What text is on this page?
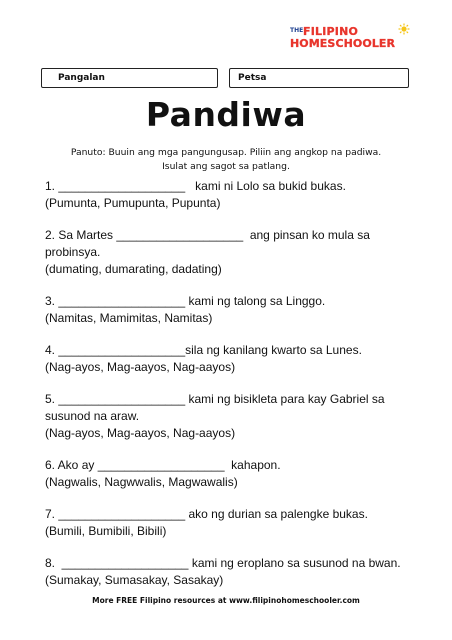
THE FILIPINO
HOMESCHOOLER
Pangalan	Petsa
Pandiwa
Panuto: Buuin ang mga pangungusap. Piliin ang angkop na padiwa.
Isulat ang sagot sa patlang.

1. ___________________   kami ni Lolo sa bukid bukas.

(Pumunta, Pumupunta, Pupunta)

2. Sa Martes ___________________  ang pinsan ko mula sa probinsya.

(dumating, dumarating, dadating)

3. ___________________ kami ng talong sa Linggo.

(Namitas, Mamimitas, Namitas)

4. ___________________sila ng kanilang kwarto sa Lunes.

(Nag-ayos, Mag-aayos, Nag-aayos)

5. ___________________ kami ng bisikleta para kay Gabriel sa susunod na araw.

(Nag-ayos, Mag-aayos, Nag-aayos)

6. Ako ay ___________________  kahapon.

(Nagwalis, Nagwwalis, Magwawalis)

7. ___________________ ako ng durian sa palengke bukas.

(Bumili, Bumibili, Bibili)

8.  ___________________ kami ng eroplano sa susunod na bwan.

(Sumakay, Sumasakay, Sasakay)

More FREE Filipino resources at www.filipinohomeschooler.com
